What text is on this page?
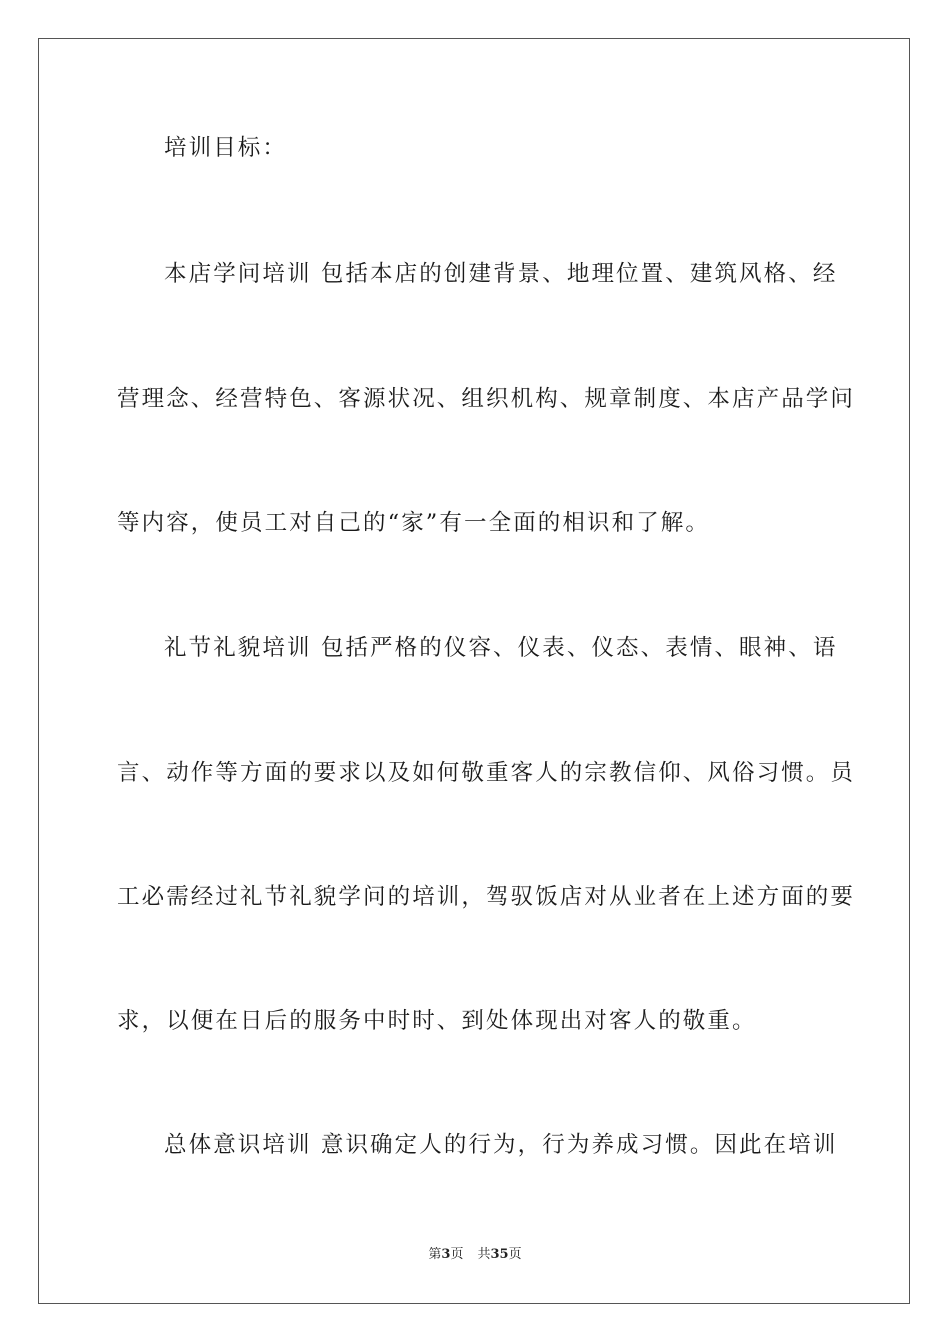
培训目标：
本店学问培训 包括本店的创建背景、地理位置、建筑风格、经
营理念、经营特色、客源状况、组织机构、规章制度、本店产品学问
等内容，使员工对自己的“家”有一全面的相识和了解。
礼节礼貌培训 包括严格的仪容、仪表、仪态、表情、眼神、语
言、动作等方面的要求以及如何敬重客人的宗教信仰、风俗习惯。员
工必需经过礼节礼貌学问的培训，驾驭饭店对从业者在上述方面的要
求，以便在日后的服务中时时、到处体现出对客人的敬重。
总体意识培训 意识确定人的行为，行为养成习惯。因此在培训
第3页 共35页
